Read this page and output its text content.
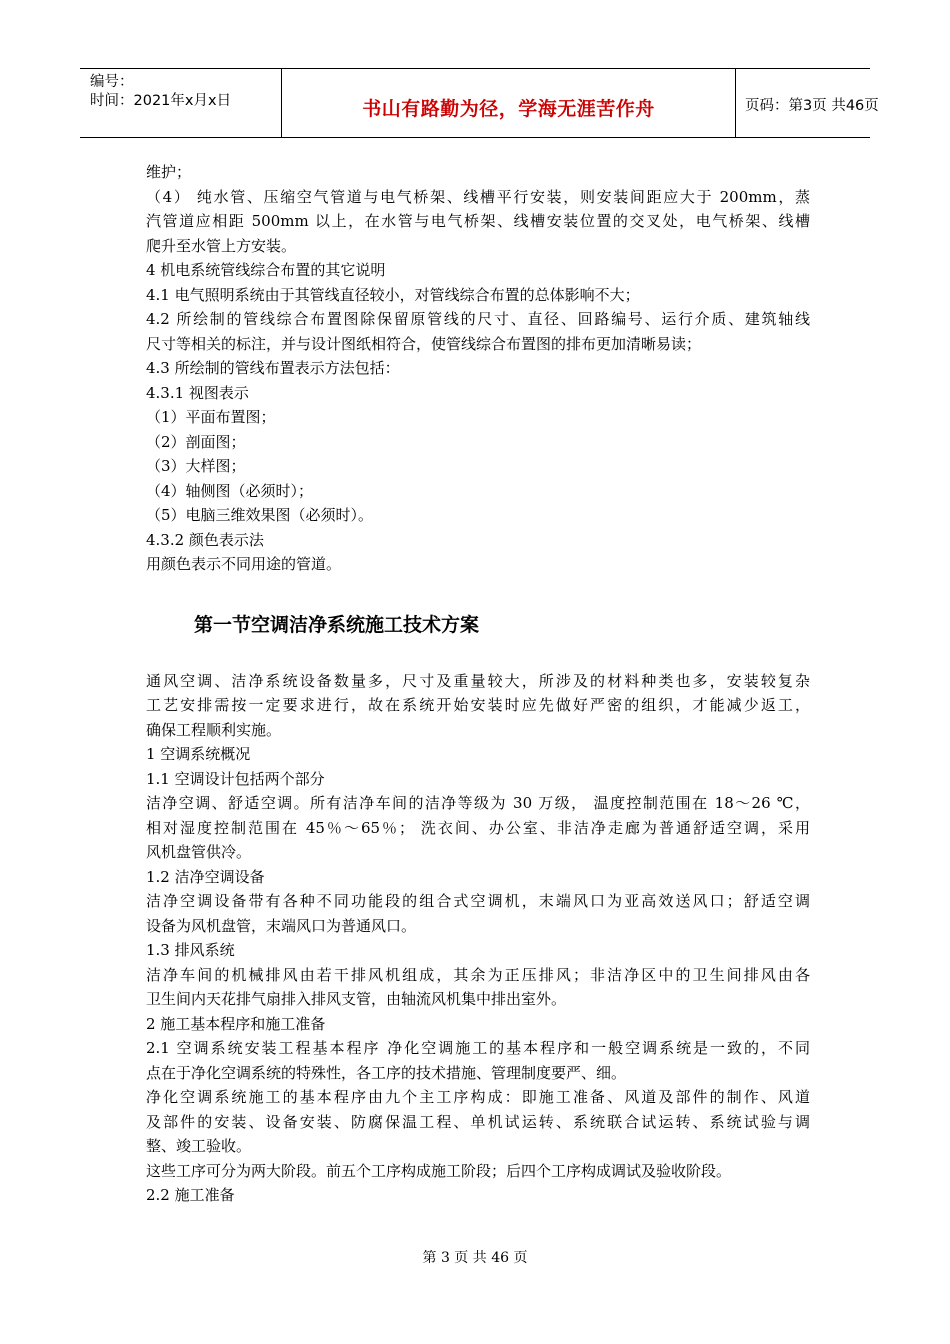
编号：
时间：2021年x月x日	书山有路勤为径，学海无涯苦作舟	页码：第3页 共46页
维护；
（4） 纯水管、压缩空气管道与电气桥架、线槽平行安装，则安装间距应大于 200mm，蒸
汽管道应相距 500mm 以上，在水管与电气桥架、线槽安装位置的交叉处，电气桥架、线槽
爬升至水管上方安装。
4 机电系统管线综合布置的其它说明
4.1 电气照明系统由于其管线直径较小，对管线综合布置的总体影响不大；
4.2 所绘制的管线综合布置图除保留原管线的尺寸、直径、回路编号、运行介质、建筑轴线
尺寸等相关的标注，并与设计图纸相符合，使管线综合布置图的排布更加清晰易读；
4.3 所绘制的管线布置表示方法包括：
4.3.1 视图表示
（1）平面布置图；
（2）剖面图；
（3）大样图；
（4）轴侧图（必须时）；
（5）电脑三维效果图（必须时）。
4.3.2 颜色表示法
用颜色表示不同用途的管道。
第一节空调洁净系统施工技术方案
通风空调、洁净系统设备数量多，尺寸及重量较大，所涉及的材料种类也多，安装较复杂
工艺安排需按一定要求进行，故在系统开始安装时应先做好严密的组织，才能减少返工，
确保工程顺利实施。
1 空调系统概况
1.1 空调设计包括两个部分
洁净空调、舒适空调。所有洁净车间的洁净等级为 30 万级， 温度控制范围在 18～26 ℃，
相对湿度控制范围在 45％～65％； 洗衣间、办公室、非洁净走廊为普通舒适空调，采用
风机盘管供冷。
1.2 洁净空调设备
洁净空调设备带有各种不同功能段的组合式空调机，末端风口为亚高效送风口；舒适空调
设备为风机盘管，末端风口为普通风口。
1.3 排风系统
洁净车间的机械排风由若干排风机组成，其余为正压排风；非洁净区中的卫生间排风由各
卫生间内天花排气扇排入排风支管，由轴流风机集中排出室外。
2 施工基本程序和施工准备
2.1 空调系统安装工程基本程序 净化空调施工的基本程序和一般空调系统是一致的，不同
点在于净化空调系统的特殊性，各工序的技术措施、管理制度要严、细。
净化空调系统施工的基本程序由九个主工序构成：即施工准备、风道及部件的制作、风道
及部件的安装、设备安装、防腐保温工程、单机试运转、系统联合试运转、系统试验与调
整、竣工验收。
这些工序可分为两大阶段。前五个工序构成施工阶段；后四个工序构成调试及验收阶段。
2.2 施工准备
第 3 页 共 46 页
